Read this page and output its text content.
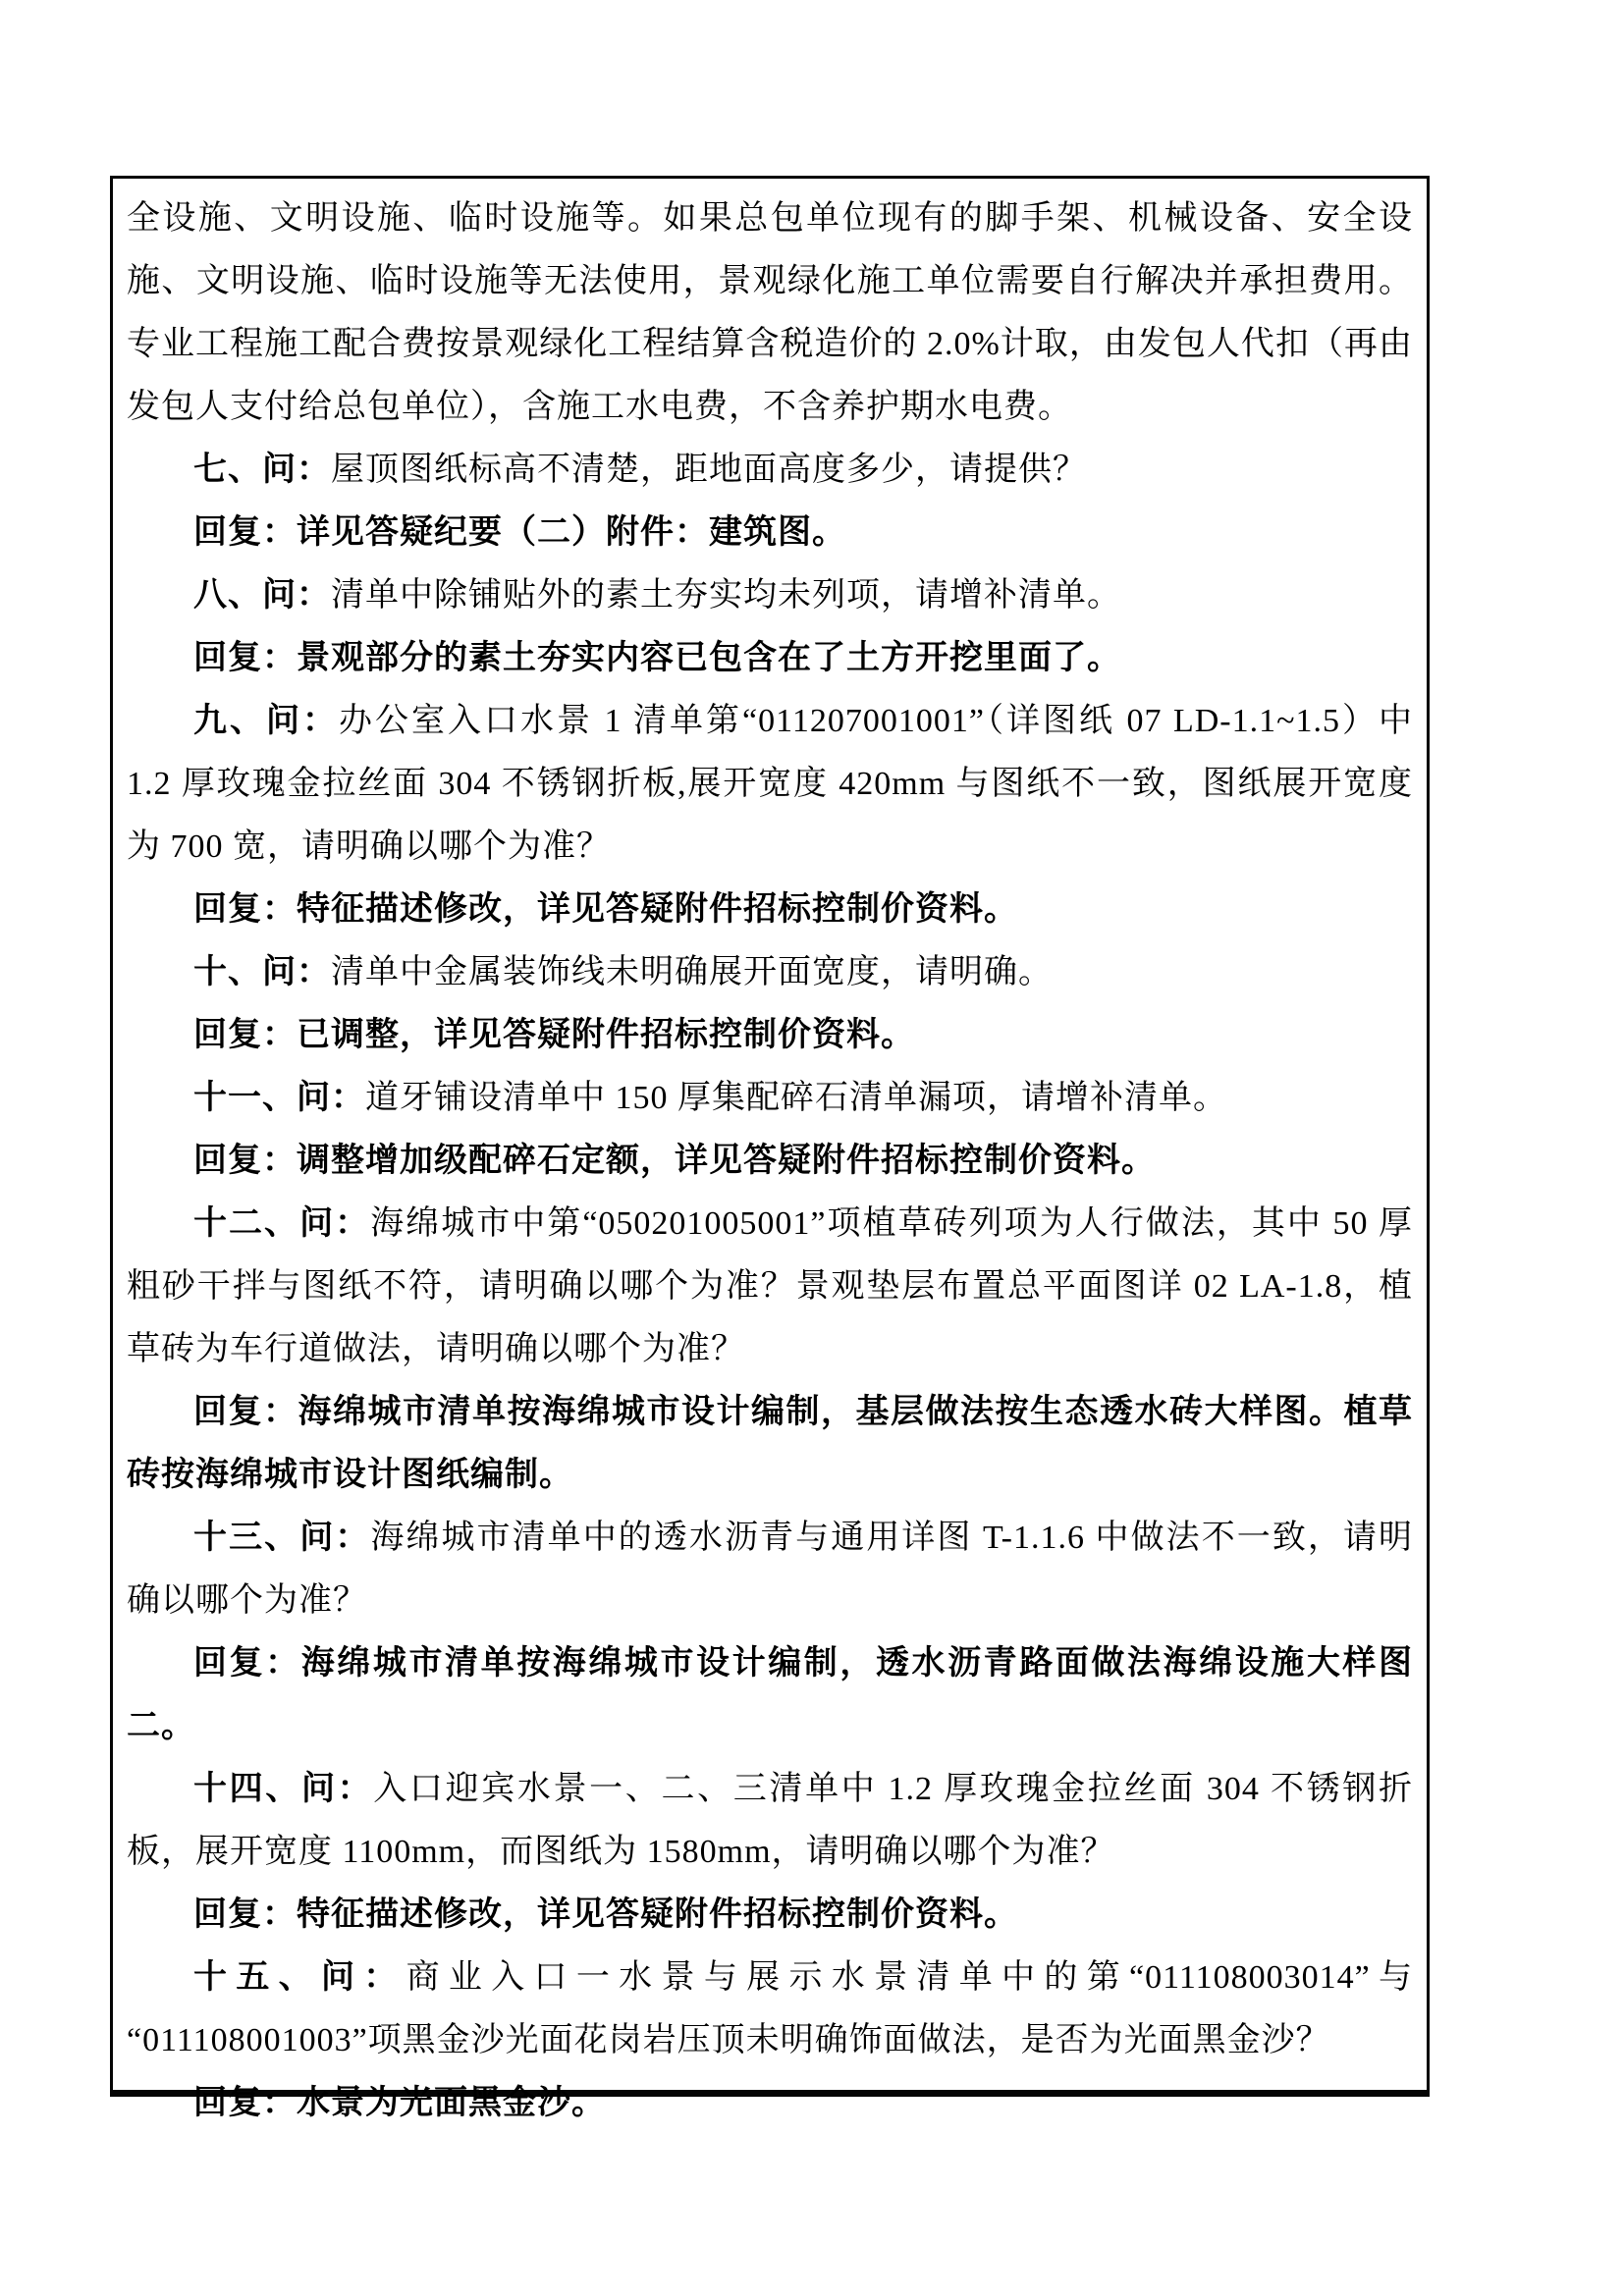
全设施、文明设施、临时设施等。如果总包单位现有的脚手架、机械设备、安全设施、文明设施、临时设施等无法使用，景观绿化施工单位需要自行解决并承担费用。专业工程施工配合费按景观绿化工程结算含税造价的 2.0%计取，由发包人代扣（再由发包人支付给总包单位），含施工水电费，不含养护期水电费。

七、问：屋顶图纸标高不清楚，距地面高度多少，请提供？

回复：详见答疑纪要（二）附件：建筑图。

八、问：清单中除铺贴外的素土夯实均未列项，请增补清单。

回复：景观部分的素土夯实内容已包含在了土方开挖里面了。

九、问：办公室入口水景 1 清单第“011207001001”（详图纸 07 LD-1.1~1.5）中 1.2 厚玫瑰金拉丝面 304 不锈钢折板,展开宽度 420mm 与图纸不一致，图纸展开宽度为 700 宽，请明确以哪个为准？

回复：特征描述修改，详见答疑附件招标控制价资料。

十、问：清单中金属装饰线未明确展开面宽度，请明确。

回复：已调整，详见答疑附件招标控制价资料。

十一、问：道牙铺设清单中 150 厚集配碎石清单漏项，请增补清单。

回复：调整增加级配碎石定额，详见答疑附件招标控制价资料。

十二、问：海绵城市中第“050201005001”项植草砖列项为人行做法，其中 50 厚粗砂干拌与图纸不符，请明确以哪个为准？景观垫层布置总平面图详 02 LA-1.8，植草砖为车行道做法，请明确以哪个为准？

回复：海绵城市清单按海绵城市设计编制，基层做法按生态透水砖大样图。植草砖按海绵城市设计图纸编制。

十三、问：海绵城市清单中的透水沥青与通用详图 T-1.1.6 中做法不一致，请明确以哪个为准？

回复：海绵城市清单按海绵城市设计编制，透水沥青路面做法海绵设施大样图二。

十四、问：入口迎宾水景一、二、三清单中 1.2 厚玫瑰金拉丝面 304 不锈钢折板，展开宽度 1100mm，而图纸为 1580mm，请明确以哪个为准？

回复：特征描述修改，详见答疑附件招标控制价资料。

十五、问：商业入口一水景与展示水景清单中的第“011108003014”与“011108001003”项黑金沙光面花岗岩压顶未明确饰面做法，是否为光面黑金沙？

回复：水景为光面黑金沙。
